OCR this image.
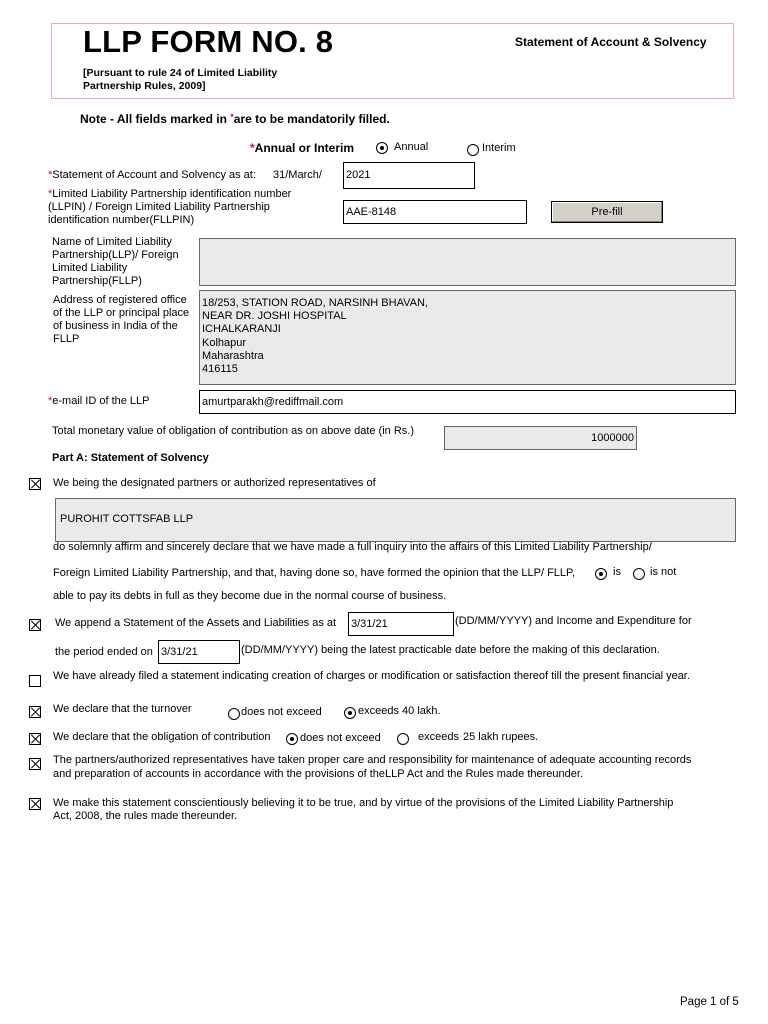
LLP FORM NO. 8	Statement of Account & Solvency
[Pursuant to rule 24 of Limited Liability Partnership Rules, 2009]
Note - All fields marked in *are to be mandatorily filled.
*Annual or Interim	Annual	Interim
*Statement of Account and Solvency as at: 31/March/ 2021
*Limited Liability Partnership identification number (LLPIN) / Foreign Limited Liability Partnership identification number(FLLPIN)
AAE-8148	Pre-fill
Name of Limited Liability Partnership(LLP)/ Foreign Limited Liability Partnership(FLLP)
Address of registered office of the LLP or principal place of business in India of the FLLP
18/253, STATION ROAD, NARSINH BHAVAN,
NEAR DR. JOSHI HOSPITAL
ICHALKARANJI
Kolhapur
Maharashtra
416115
*e-mail ID of the LLP	amurtparakh@rediffmail.com
Total monetary value of obligation of contribution as on above date (in Rs.)
1000000
Part A: Statement of Solvency
We being the designated partners or authorized representatives of
PUROHIT COTTSFAB LLP
do solemnly affirm and sincerely declare that we have made a full inquiry into the affairs of this Limited Liability Partnership/
Foreign Limited Liability Partnership, and that, having done so, have formed the opinion that the LLP/ FLLP,	is	is not
able to pay its debts in full as they become due in the normal course of business.
We append a Statement of the Assets and Liabilities as at 3/31/21	(DD/MM/YYYY) and Income and Expenditure for
the period ended on 3/31/21	(DD/MM/YYYY) being the latest practicable date before the making of this declaration.
We have already filed a statement indicating creation of charges or modification or satisfaction thereof till the present financial year.
We declare that the turnover	does not exceed	exceeds 40 lakh.
We declare that the obligation of contribution	does not exceed	exceeds 25 lakh rupees.
The partners/authorized representatives have taken proper care and responsibility for maintenance of adequate accounting records
and preparation of accounts in accordance with the provisions of theLLP Act and the Rules made thereunder.
We make this statement conscientiously believing it to be true, and by virtue of the provisions of the Limited Liability Partnership
Act, 2008, the rules made thereunder.
Page 1 of 5
